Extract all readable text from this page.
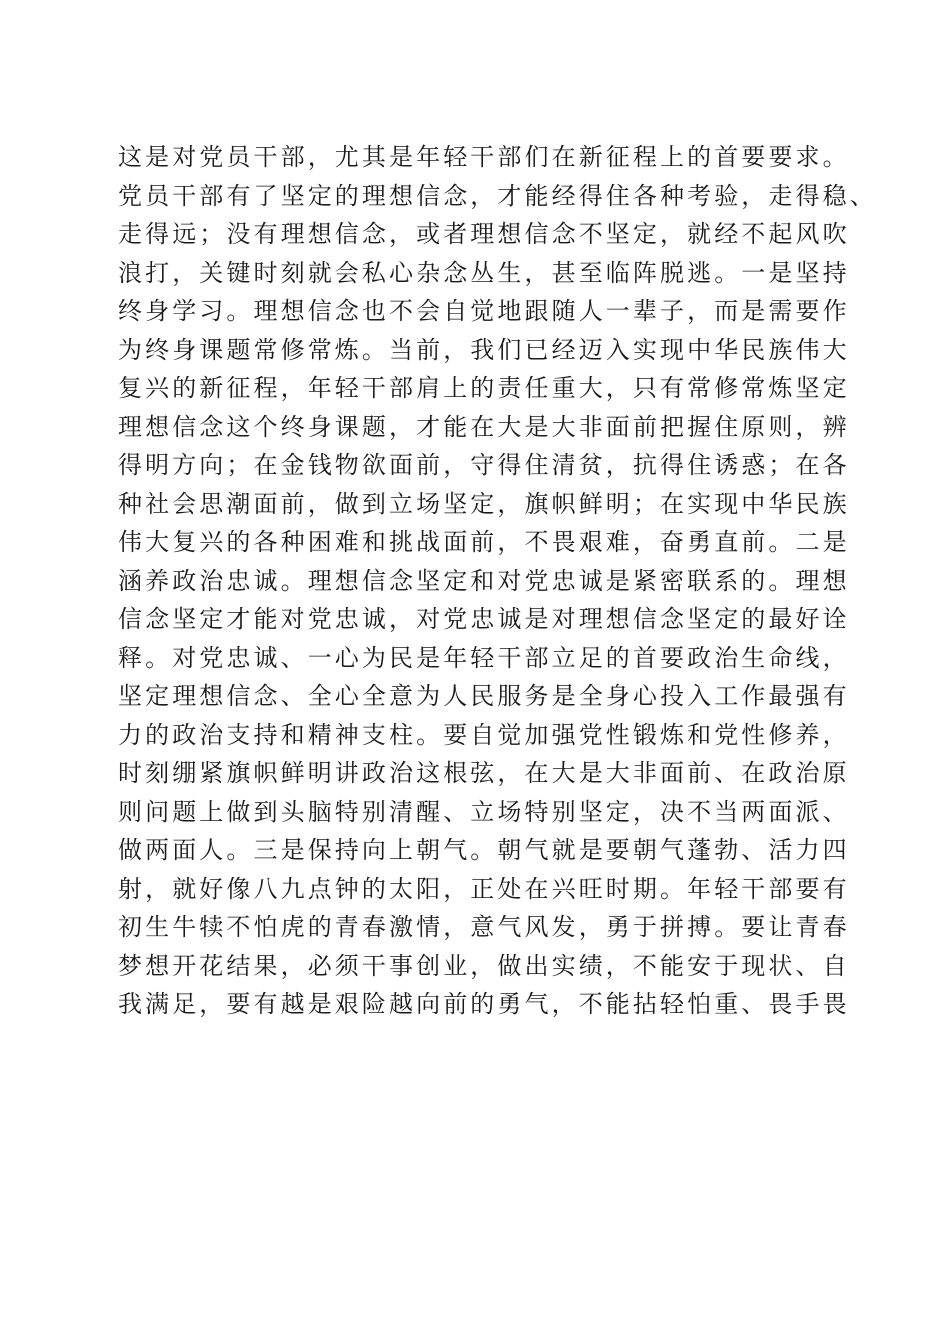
这是对党员干部，尤其是年轻干部们在新征程上的首要要求。
党员干部有了坚定的理想信念，才能经得住各种考验，走得稳、
走得远；没有理想信念，或者理想信念不坚定，就经不起风吹
浪打，关键时刻就会私心杂念丛生，甚至临阵脱逃。一是坚持
终身学习。理想信念也不会自觉地跟随人一辈子，而是需要作
为终身课题常修常炼。当前，我们已经迈入实现中华民族伟大
复兴的新征程，年轻干部肩上的责任重大，只有常修常炼坚定
理想信念这个终身课题，才能在大是大非面前把握住原则，辨
得明方向；在金钱物欲面前，守得住清贫，抗得住诱惑；在各
种社会思潮面前，做到立场坚定，旗帜鲜明；在实现中华民族
伟大复兴的各种困难和挑战面前，不畏艰难，奋勇直前。二是
涵养政治忠诚。理想信念坚定和对党忠诚是紧密联系的。理想
信念坚定才能对党忠诚，对党忠诚是对理想信念坚定的最好诠
释。对党忠诚、一心为民是年轻干部立足的首要政治生命线，
坚定理想信念、全心全意为人民服务是全身心投入工作最强有
力的政治支持和精神支柱。要自觉加强党性锻炼和党性修养，
时刻绷紧旗帜鲜明讲政治这根弦，在大是大非面前、在政治原
则问题上做到头脑特别清醒、立场特别坚定，决不当两面派、
做两面人。三是保持向上朝气。朝气就是要朝气蓬勃、活力四
射，就好像八九点钟的太阳，正处在兴旺时期。年轻干部要有
初生牛犊不怕虎的青春激情，意气风发，勇于拼搏。要让青春
梦想开花结果，必须干事创业，做出实绩，不能安于现状、自
我满足，要有越是艰险越向前的勇气，不能拈轻怕重、畏手畏
